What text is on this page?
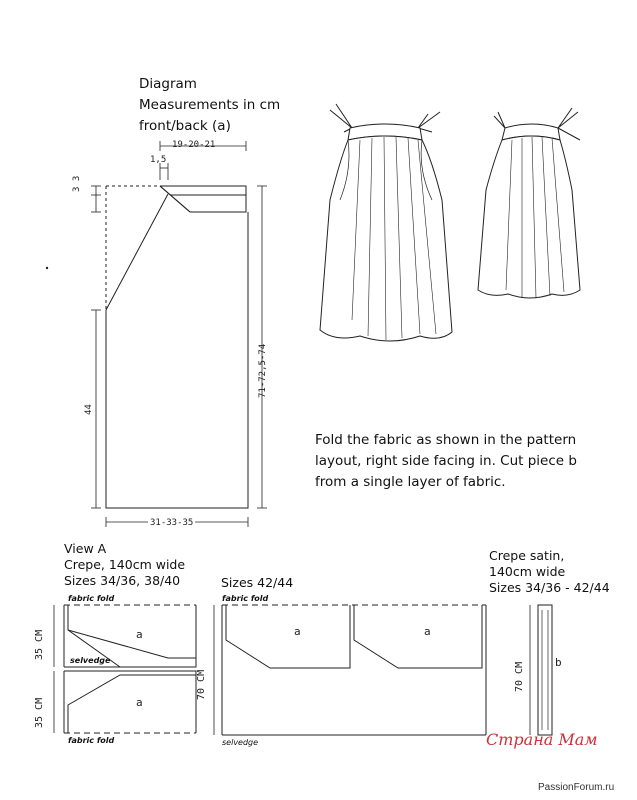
Diagram
Measurements in cm
front/back (a)
19-20-21
1,5
3 3
44
71-72,5-74
31-33-35
Fold the fabric as shown in the pattern
layout, right side facing in. Cut piece b
from a single layer of fabric.
View A
Crepe, 140cm wide
Sizes 34/36, 38/40
fabric fold
selvedge
fabric fold
a
a
35 CM
35 CM
Sizes 42/44
fabric fold
a	a
70 CM
selvedge
Crepe satin,
140cm wide
Sizes 34/36 - 42/44
b
70 CM
Страна Мам
PassionForum.ru
